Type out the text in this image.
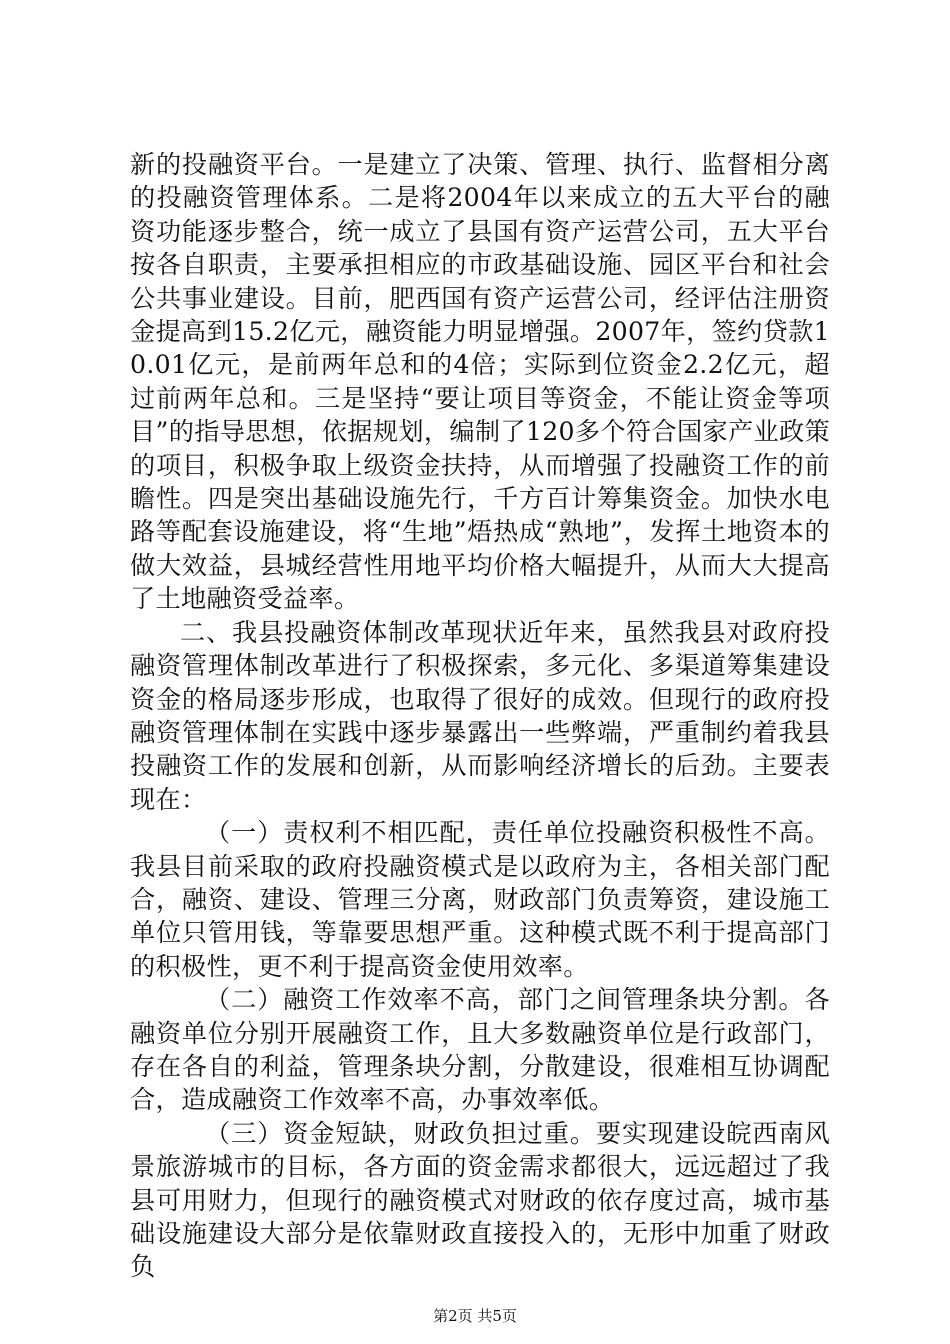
新的投融资平台。一是建立了决策、管理、执行、监督相分离的投融资管理体系。二是将2004年以来成立的五大平台的融资功能逐步整合，统一成立了县国有资产运营公司，五大平台按各自职责，主要承担相应的市政基础设施、园区平台和社会公共事业建设。目前，肥西国有资产运营公司，经评估注册资金提高到15.2亿元，融资能力明显增强。2007年，签约贷款10.01亿元，是前两年总和的4倍；实际到位资金2.2亿元，超过前两年总和。三是坚持“要让项目等资金，不能让资金等项目”的指导思想，依据规划，编制了120多个符合国家产业政策的项目，积极争取上级资金扶持，从而增强了投融资工作的前瞻性。四是突出基础设施先行，千方百计筹集资金。加快水电路等配套设施建设，将“生地”焐热成“熟地”，发挥土地资本的做大效益，县城经营性用地平均价格大幅提升，从而大大提高了土地融资受益率。

二、我县投融资体制改革现状近年来，虽然我县对政府投融资管理体制改革进行了积极探索，多元化、多渠道筹集建设资金的格局逐步形成，也取得了很好的成效。但现行的政府投融资管理体制在实践中逐步暴露出一些弊端，严重制约着我县投融资工作的发展和创新，从而影响经济增长的后劲。主要表现在：

（一）责权利不相匹配，责任单位投融资积极性不高。我县目前采取的政府投融资模式是以政府为主，各相关部门配合，融资、建设、管理三分离，财政部门负责筹资，建设施工单位只管用钱，等靠要思想严重。这种模式既不利于提高部门的积极性，更不利于提高资金使用效率。

（二）融资工作效率不高，部门之间管理条块分割。各融资单位分别开展融资工作，且大多数融资单位是行政部门，存在各自的利益，管理条块分割，分散建设，很难相互协调配合，造成融资工作效率不高，办事效率低。

（三）资金短缺，财政负担过重。要实现建设皖西南风景旅游城市的目标，各方面的资金需求都很大，远远超过了我县可用财力，但现行的融资模式对财政的依存度过高，城市基础设施建设大部分是依靠财政直接投入的，无形中加重了财政负

第2页 共5页
